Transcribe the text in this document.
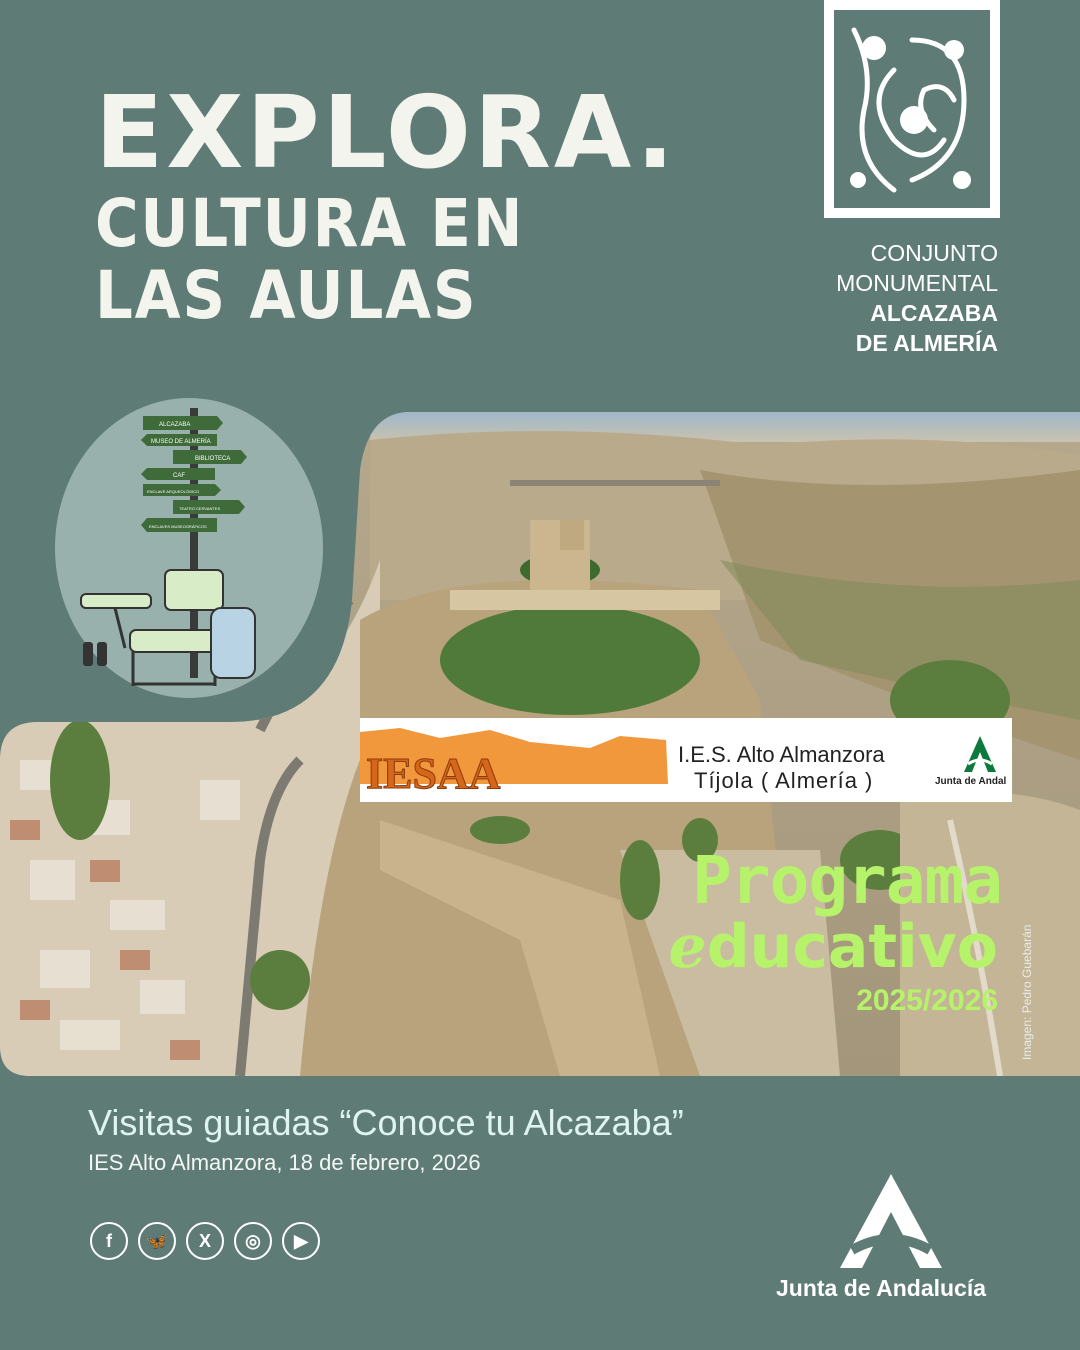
EXPLORA.
CULTURA EN
LAS AULAS
CONJUNTO
MONUMENTAL
ALCAZABA
DE ALMERÍA
ALCAZABA
MUSEO DE ALMERÍA
BIBLIOTECA
CAF
ENCLAVE ARQUEOLÓGICO
TEATRO CERVANTES
ENCLAVES MUSEOGRÁFICOS
IESAA	I.E.S. Alto Almanzora
Tíjola ( Almería )	Junta de Andal
Programa
educativo
2025/2026 Imagen: Pedro Guebarán
Visitas guiadas “Conoce tu Alcazaba”
IES Alto Almanzora, 18 de febrero, 2026
f	🦋	X	◎	▶
Junta de Andalucía
